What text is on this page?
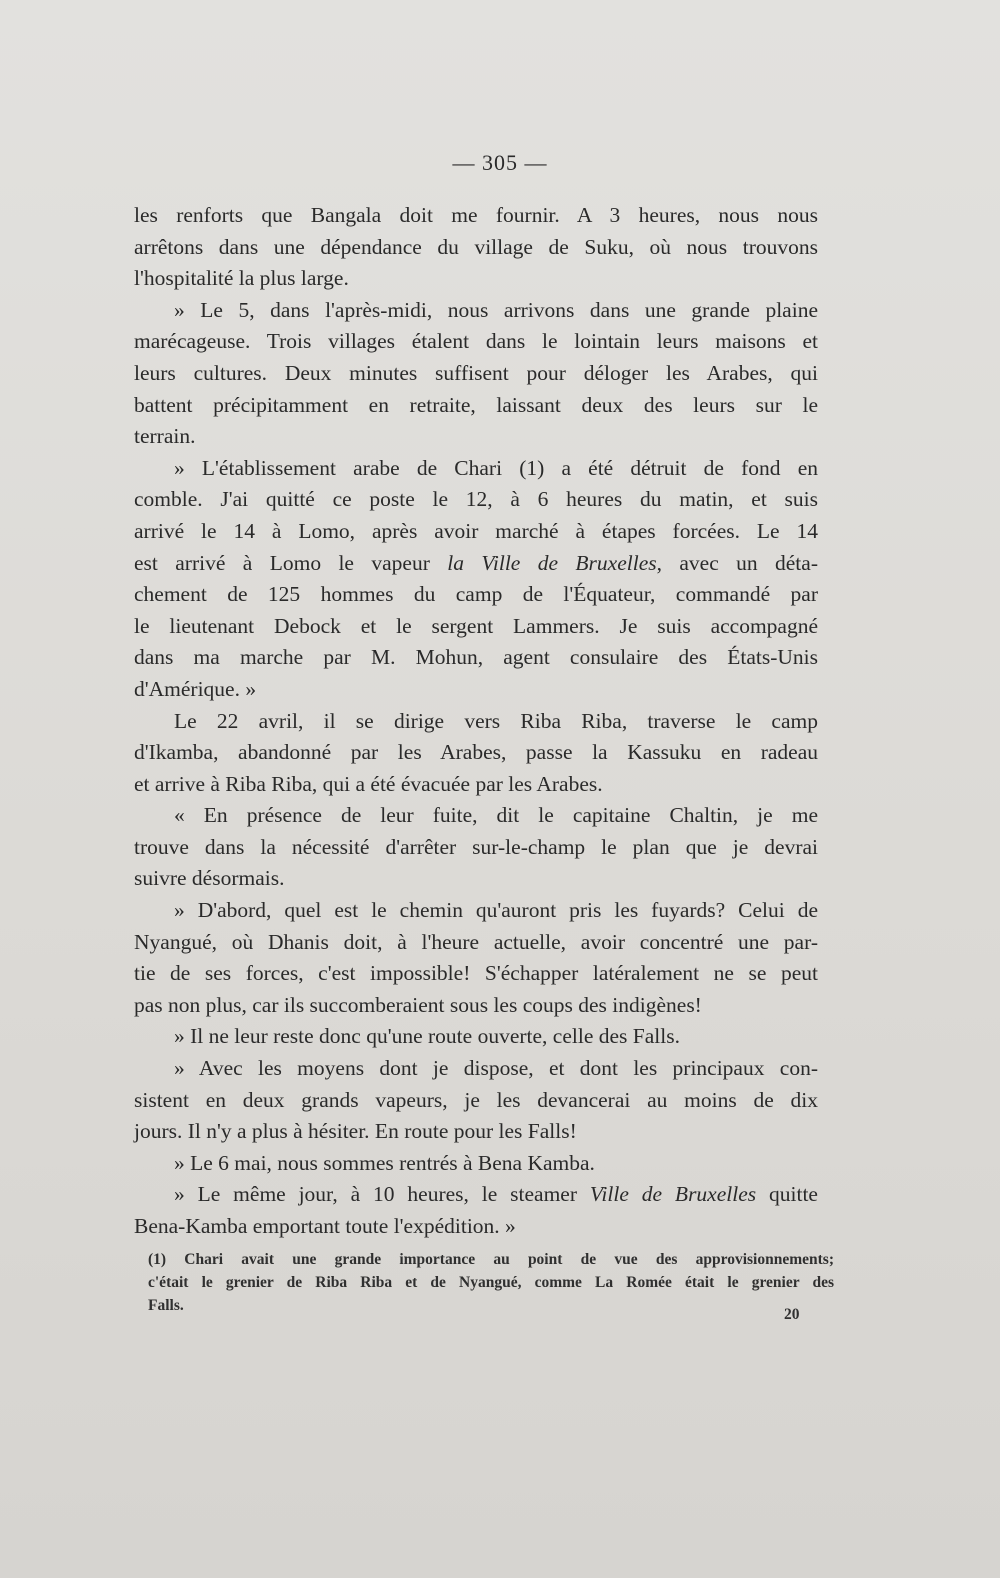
— 305 —
les renforts que Bangala doit me fournir. A 3 heures, nous nous
arrêtons dans une dépendance du village de Suku, où nous trouvons
l'hospitalité la plus large.
» Le 5, dans l'après-midi, nous arrivons dans une grande plaine
marécageuse. Trois villages étalent dans le lointain leurs maisons et
leurs cultures. Deux minutes suffisent pour déloger les Arabes, qui
battent précipitamment en retraite, laissant deux des leurs sur le
terrain.
» L'établissement arabe de Chari (1) a été détruit de fond en
comble. J'ai quitté ce poste le 12, à 6 heures du matin, et suis
arrivé le 14 à Lomo, après avoir marché à étapes forcées. Le 14
est arrivé à Lomo le vapeur la Ville de Bruxelles, avec un déta-
chement de 125 hommes du camp de l'Équateur, commandé par
le lieutenant Debock et le sergent Lammers. Je suis accompagné
dans ma marche par M. Mohun, agent consulaire des États-Unis
d'Amérique. »
Le 22 avril, il se dirige vers Riba Riba, traverse le camp
d'Ikamba, abandonné par les Arabes, passe la Kassuku en radeau
et arrive à Riba Riba, qui a été évacuée par les Arabes.
« En présence de leur fuite, dit le capitaine Chaltin, je me
trouve dans la nécessité d'arrêter sur-le-champ le plan que je devrai
suivre désormais.
» D'abord, quel est le chemin qu'auront pris les fuyards? Celui de
Nyangué, où Dhanis doit, à l'heure actuelle, avoir concentré une par-
tie de ses forces, c'est impossible! S'échapper latéralement ne se peut
pas non plus, car ils succomberaient sous les coups des indigènes!
» Il ne leur reste donc qu'une route ouverte, celle des Falls.
» Avec les moyens dont je dispose, et dont les principaux con-
sistent en deux grands vapeurs, je les devancerai au moins de dix
jours. Il n'y a plus à hésiter. En route pour les Falls!
» Le 6 mai, nous sommes rentrés à Bena Kamba.
» Le même jour, à 10 heures, le steamer Ville de Bruxelles quitte
Bena-Kamba emportant toute l'expédition. »
(1) Chari avait une grande importance au point de vue des approvisionnements;
c'était le grenier de Riba Riba et de Nyangué, comme La Romée était le grenier des
Falls.
20
